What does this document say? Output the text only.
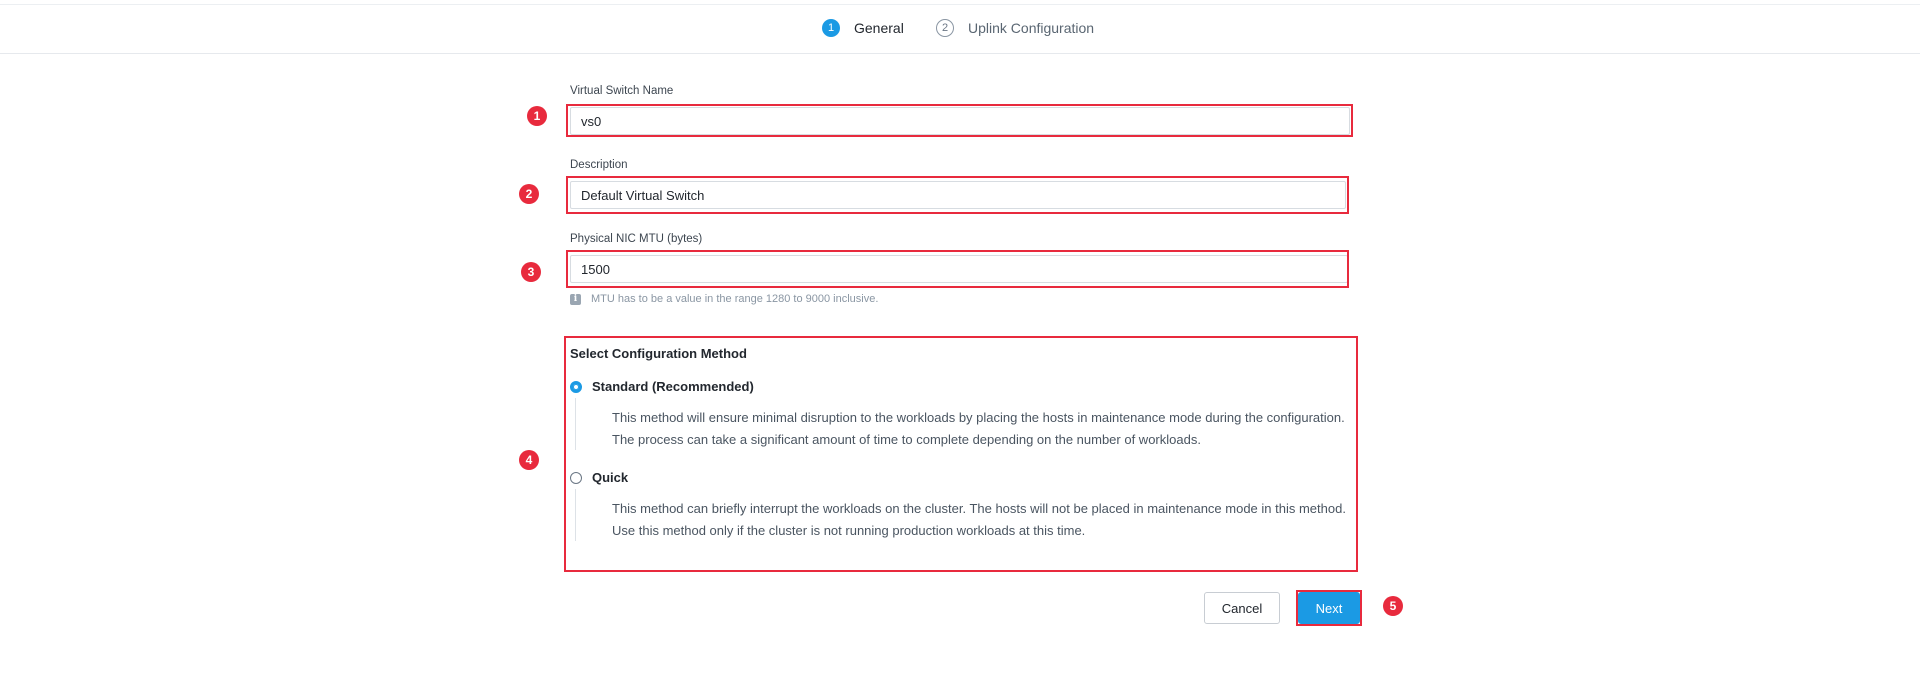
1	General	2	Uplink Configuration
Virtual Switch Name
vs0
1
Description
Default Virtual Switch
2
Physical NIC MTU (bytes)
1500
3
i	MTU has to be a value in the range 1280 to 9000 inclusive.
Select Configuration Method
Standard (Recommended)
This method will ensure minimal disruption to the workloads by placing the hosts in maintenance mode during the configuration. The process can take a significant amount of time to complete depending on the number of workloads.
Quick
This method can briefly interrupt the workloads on the cluster. The hosts will not be placed in maintenance mode in this method. Use this method only if the cluster is not running production workloads at this time.
4
Cancel	Next	5
